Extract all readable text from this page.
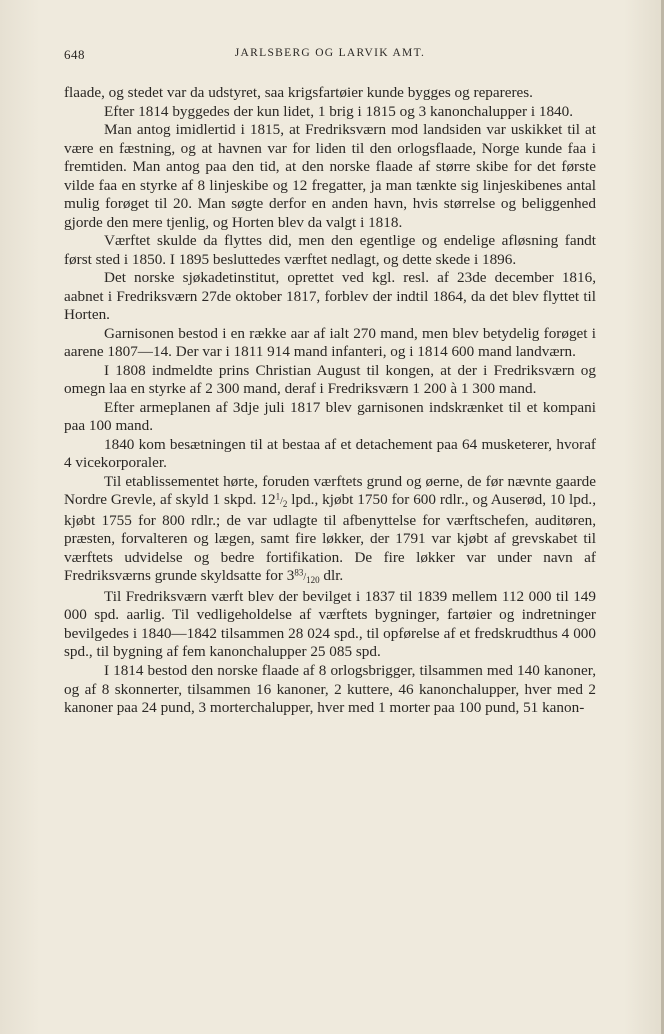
648	JARLSBERG OG LARVIK AMT.

flaade, og stedet var da udstyret, saa krigsfartøier kunde bygges og repareres.

Efter 1814 byggedes der kun lidet, 1 brig i 1815 og 3 kanonchalupper i 1840.

Man antog imidlertid i 1815, at Fredriksværn mod landsiden var uskikket til at være en fæstning, og at havnen var for liden til den orlogsflaade, Norge kunde faa i fremtiden. Man antog paa den tid, at den norske flaade af større skibe for det første vilde faa en styrke af 8 linjeskibe og 12 fregatter, ja man tænkte sig linjeskibenes antal mulig forøget til 20. Man søgte derfor en anden havn, hvis størrelse og beliggenhed gjorde den mere tjenlig, og Horten blev da valgt i 1818.

Værftet skulde da flyttes did, men den egentlige og endelige afløsning fandt først sted i 1850. I 1895 besluttedes værftet nedlagt, og dette skede i 1896.

Det norske sjøkadetinstitut, oprettet ved kgl. resl. af 23de december 1816, aabnet i Fredriksværn 27de oktober 1817, forblev der indtil 1864, da det blev flyttet til Horten.

Garnisonen bestod i en række aar af ialt 270 mand, men blev betydelig forøget i aarene 1807—14. Der var i 1811 914 mand infanteri, og i 1814 600 mand landværn.

I 1808 indmeldte prins Christian August til kongen, at der i Fredriksværn og omegn laa en styrke af 2 300 mand, deraf i Fredriksværn 1 200 à 1 300 mand.

Efter armeplanen af 3dje juli 1817 blev garnisonen indskrænket til et kompani paa 100 mand.

1840 kom besætningen til at bestaa af et detachement paa 64 musketerer, hvoraf 4 vicekorporaler.

Til etablissementet hørte, foruden værftets grund og øerne, de før nævnte gaarde Nordre Grevle, af skyld 1 skpd. $12^1/_2$ lpd., kjøbt 1750 for 600 rdlr., og Auserød, 10 lpd., kjøbt 1755 for 800 rdlr.; de var udlagte til afbenyttelse for værftschefen, auditøren, præsten, forvalteren og lægen, samt fire løkker, der 1791 var kjøbt af grevskabet til værftets udvidelse og bedre fortifikation. De fire løkker var under navn af Fredriksværns grunde skyldsatte for $3^{83}/_{120}$ dlr.

Til Fredriksværn værft blev der bevilget i 1837 til 1839 mellem 112 000 til 149 000 spd. aarlig. Til vedligeholdelse af værftets bygninger, fartøier og indretninger bevilgedes i 1840—1842 tilsammen 28 024 spd., til opførelse af et fredskrudthus 4 000 spd., til bygning af fem kanonchalupper 25 085 spd.

I 1814 bestod den norske flaade af 8 orlogsbrigger, tilsammen med 140 kanoner, og af 8 skonnerter, tilsammen 16 kanoner, 2 kuttere, 46 kanonchalupper, hver med 2 kanoner paa 24 pund, 3 morterchalupper, hver med 1 morter paa 100 pund, 51 kanon-
